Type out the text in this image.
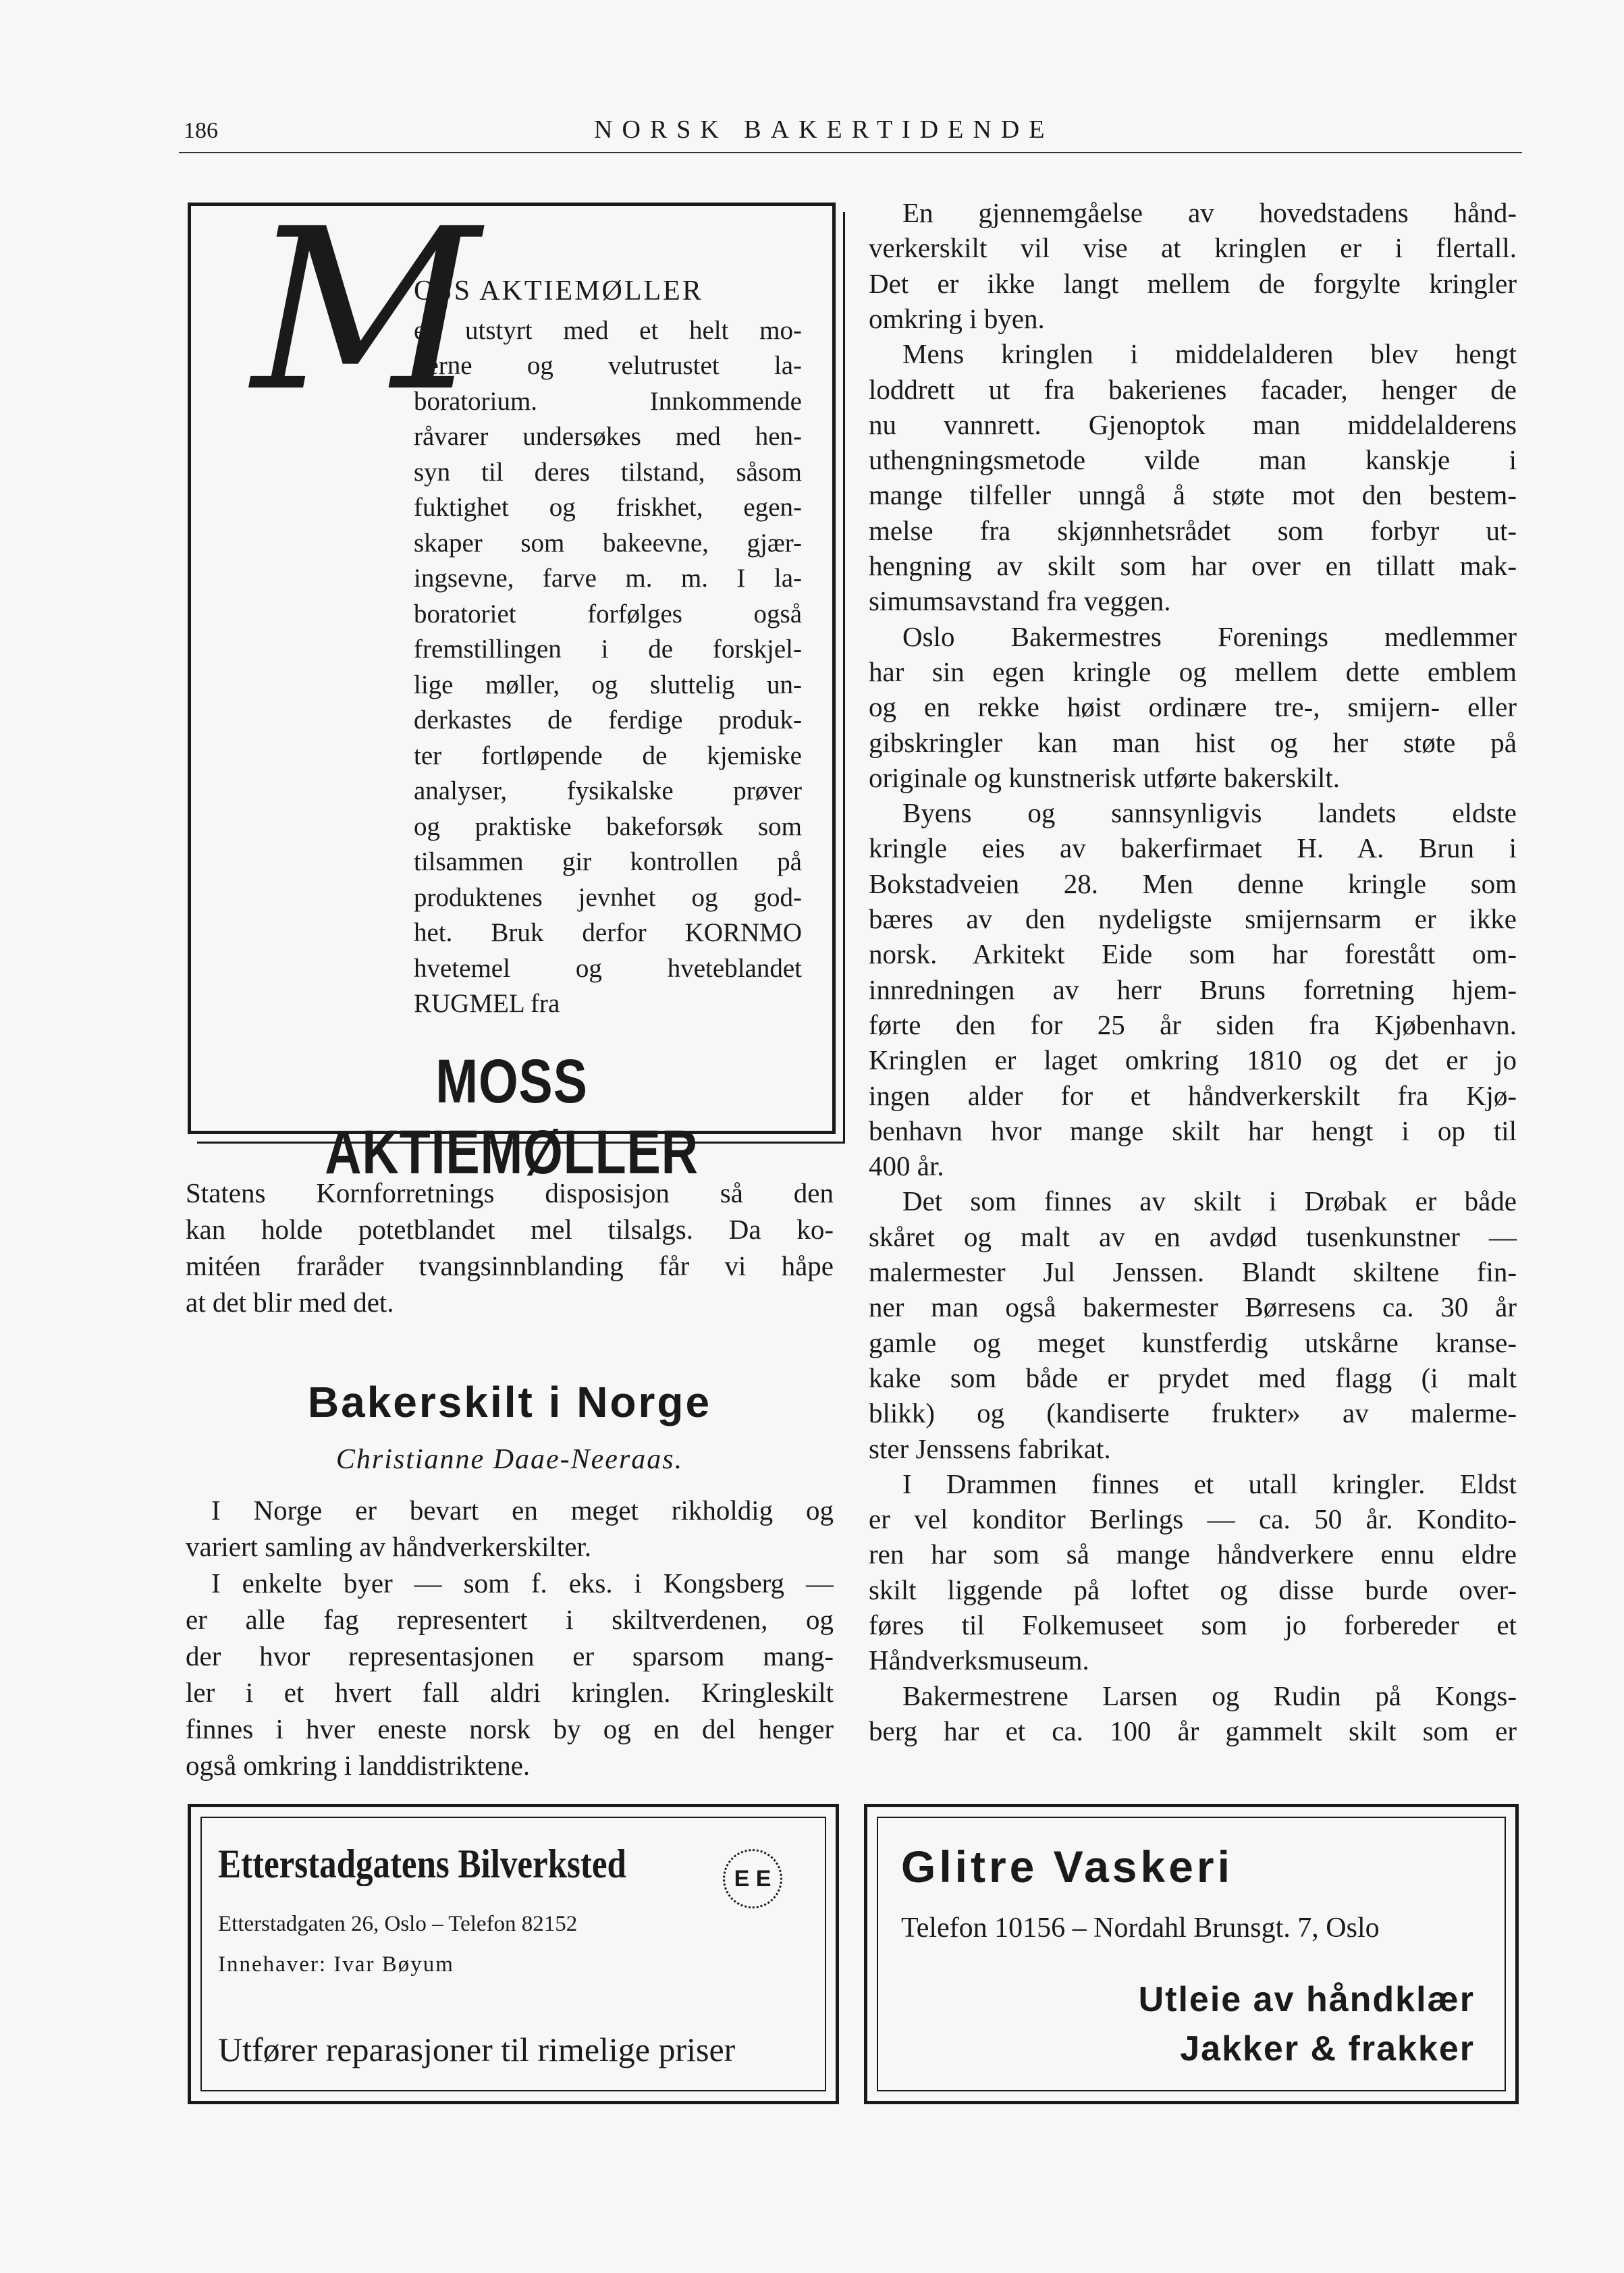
186	NORSK BAKERTIDENDE
M
OSS AKTIEMØLLER
er utstyrt med et helt mo-
derne og velutrustet la-
boratorium. Innkommende
råvarer undersøkes med hen-
syn til deres tilstand, såsom
fuktighet og friskhet, egen-
skaper som bakeevne, gjær-
ingsevne, farve m. m. I la-
boratoriet forfølges også
fremstillingen i de forskjel-
lige møller, og sluttelig un-
derkastes de ferdige produk-
ter fortløpende de kjemiske
analyser, fysikalske prøver
og praktiske bakeforsøk som
tilsammen gir kontrollen på
produktenes jevnhet og god-
het. Bruk derfor KORNMO
hvetemel og hveteblandet
RUGMEL fra
MOSS AKTIEMØLLER
Statens Kornforretnings disposisjon så den
kan holde potetblandet mel tilsalgs. Da ko-
mitéen fraråder tvangsinnblanding får vi håpe
at det blir med det.
Bakerskilt i Norge
Christianne Daae-Neeraas.
I Norge er bevart en meget rikholdig og
variert samling av håndverkerskilter.
I enkelte byer — som f. eks. i Kongsberg —
er alle fag representert i skiltverdenen, og
der hvor representasjonen er sparsom mang-
ler i et hvert fall aldri kringlen. Kringleskilt
finnes i hver eneste norsk by og en del henger
også omkring i landdistriktene.
En gjennemgåelse av hovedstadens hånd-
verkerskilt vil vise at kringlen er i flertall.
Det er ikke langt mellem de forgylte kringler
omkring i byen.
Mens kringlen i middelalderen blev hengt
loddrett ut fra bakerienes facader, henger de
nu vannrett. Gjenoptok man middelalderens
uthengningsmetode vilde man kanskje i
mange tilfeller unngå å støte mot den bestem-
melse fra skjønnhetsrådet som forbyr ut-
hengning av skilt som har over en tillatt mak-
simumsavstand fra veggen.
Oslo Bakermestres Forenings medlemmer
har sin egen kringle og mellem dette emblem
og en rekke høist ordinære tre-, smijern- eller
gibskringler kan man hist og her støte på
originale og kunstnerisk utførte bakerskilt.
Byens og sannsynligvis landets eldste
kringle eies av bakerfirmaet H. A. Brun i
Bokstadveien 28. Men denne kringle som
bæres av den nydeligste smijernsarm er ikke
norsk. Arkitekt Eide som har forestått om-
innredningen av herr Bruns forretning hjem-
førte den for 25 år siden fra Kjøbenhavn.
Kringlen er laget omkring 1810 og det er jo
ingen alder for et håndverkerskilt fra Kjø-
benhavn hvor mange skilt har hengt i op til
400 år.
Det som finnes av skilt i Drøbak er både
skåret og malt av en avdød tusenkunstner —
malermester Jul Jenssen. Blandt skiltene fin-
ner man også bakermester Børresens ca. 30 år
gamle og meget kunstferdig utskårne kranse-
kake som både er prydet med flagg (i malt
blikk) og (kandiserte frukter» av malerme-
ster Jenssens fabrikat.
I Drammen finnes et utall kringler. Eldst
er vel konditor Berlings — ca. 50 år. Kondito-
ren har som så mange håndverkere ennu eldre
skilt liggende på loftet og disse burde over-
føres til Folkemuseet som jo forbereder et
Håndverksmuseum.
Bakermestrene Larsen og Rudin på Kongs-
berg har et ca. 100 år gammelt skilt som er
Etterstadgatens Bilverksted	E E
Etterstadgaten 26, Oslo – Telefon 82152
Innehaver: Ivar Bøyum
Utfører reparasjoner til rimelige priser
Glitre Vaskeri
Telefon 10156 – Nordahl Brunsgt. 7, Oslo
Utleie av håndklær
Jakker & frakker
